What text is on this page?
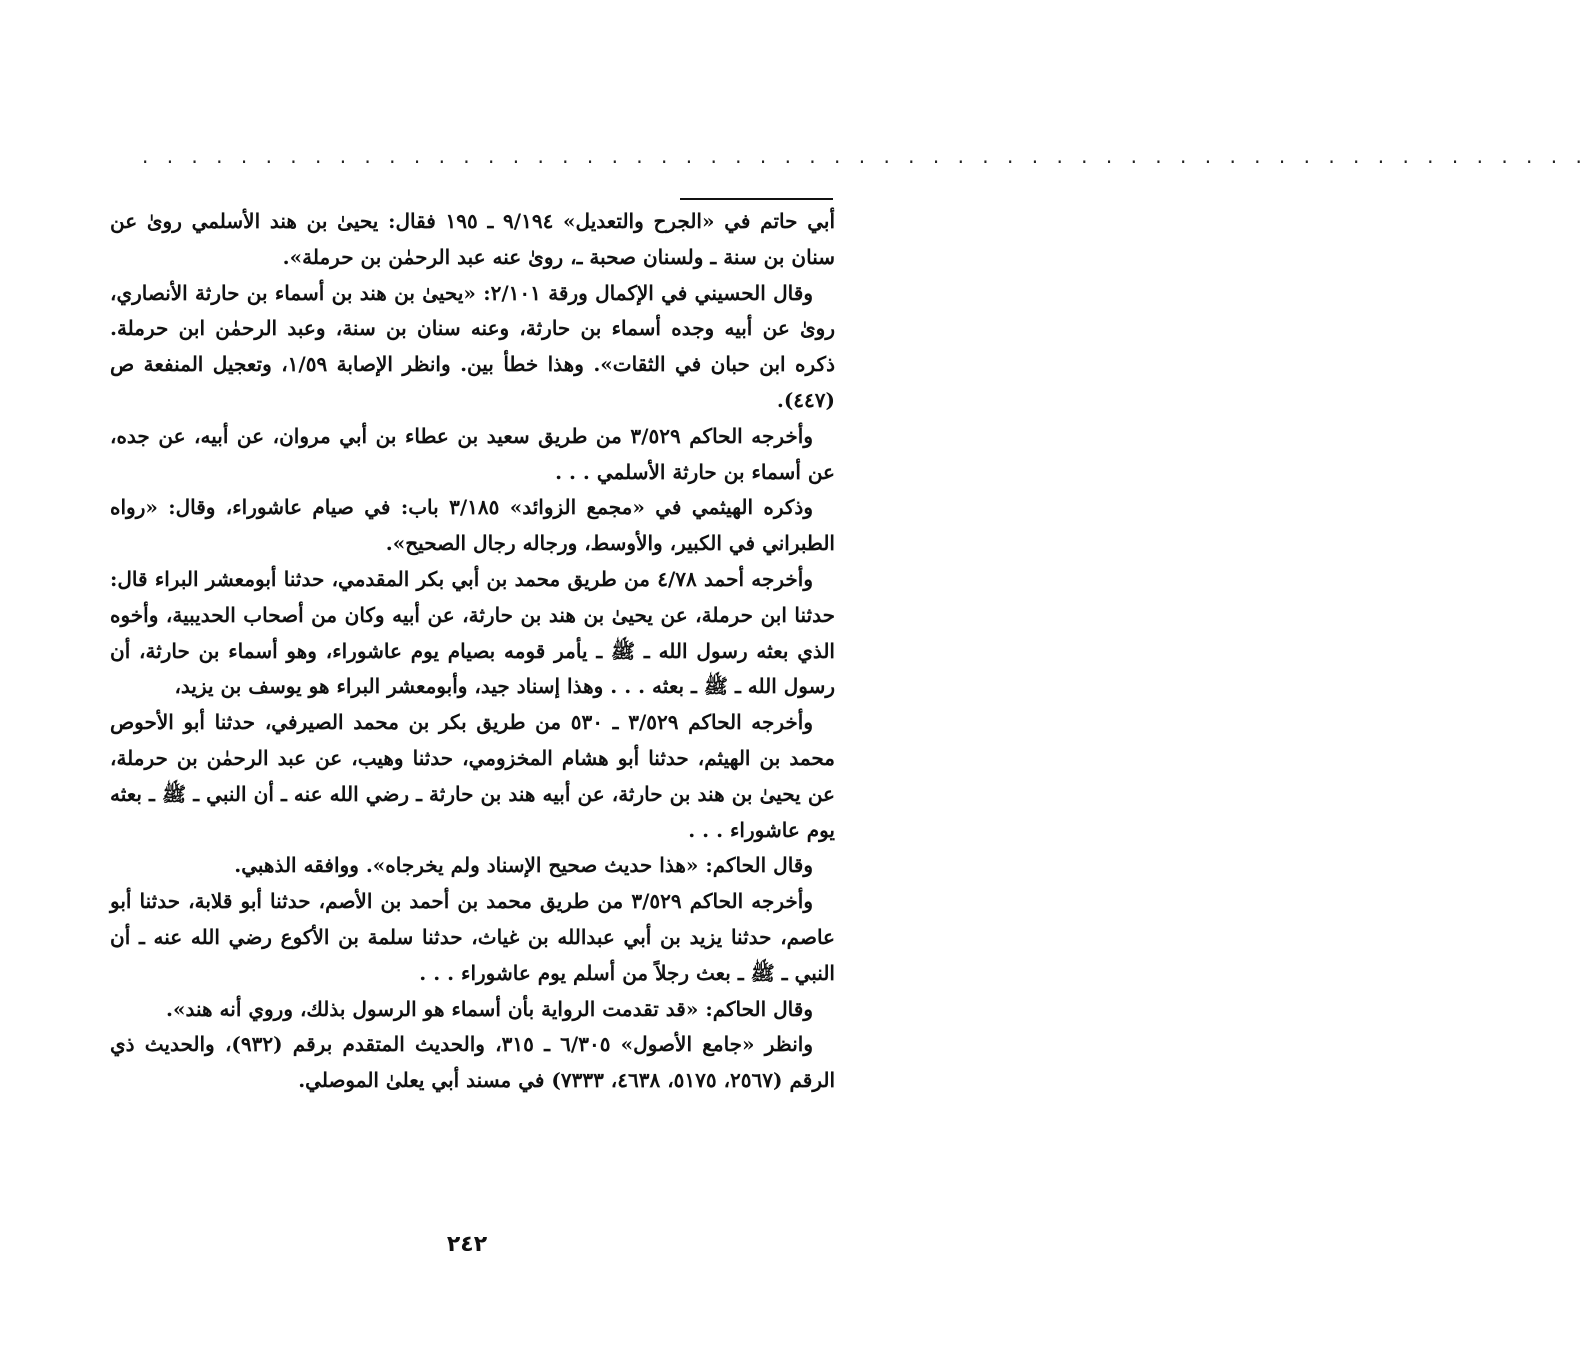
. . . . . . . . . . . . . . . . . . . . . . . . . . . . . . . . . . . . . . . . . . . . . . . . . . . . . . . . . . .

أبي حاتم في «الجرح والتعديل» ٩/١٩٤ ـ ١٩٥ فقال: يحيىٰ بن هند الأسلمي روىٰ عن سنان بن سنة ـ ولسنان صحبة ـ، روىٰ عنه عبد الرحمٰن بن حرملة».

وقال الحسيني في الإكمال ورقة ٢/١٠١: «يحيىٰ بن هند بن أسماء بن حارثة الأنصاري، روىٰ عن أبيه وجده أسماء بن حارثة، وعنه سنان بن سنة، وعبد الرحمٰن ابن حرملة. ذكره ابن حبان في الثقات». وهذا خطأ بين. وانظر الإصابة ١/٥٩، وتعجيل المنفعة ص (٤٤٧).

وأخرجه الحاكم ٣/٥٢٩ من طريق سعيد بن عطاء بن أبي مروان، عن أبيه، عن جده، عن أسماء بن حارثة الأسلمي . . .

وذكره الهيثمي في «مجمع الزوائد» ٣/١٨٥ باب: في صيام عاشوراء، وقال: «رواه الطبراني في الكبير، والأوسط، ورجاله رجال الصحيح».

وأخرجه أحمد ٤/٧٨ من طريق محمد بن أبي بكر المقدمي، حدثنا أبومعشر البراء قال: حدثنا ابن حرملة، عن يحيىٰ بن هند بن حارثة، عن أبيه وكان من أصحاب الحديبية، وأخوه الذي بعثه رسول الله ـ ﷺ ـ يأمر قومه بصيام يوم عاشوراء، وهو أسماء بن حارثة، أن رسول الله ـ ﷺ ـ بعثه . . . وهذا إسناد جيد، وأبومعشر البراء هو يوسف بن يزيد،

وأخرجه الحاكم ٣/٥٢٩ ـ ٥٣٠ من طريق بكر بن محمد الصيرفي، حدثنا أبو الأحوص محمد بن الهيثم، حدثنا أبو هشام المخزومي، حدثنا وهيب، عن عبد الرحمٰن بن حرملة، عن يحيىٰ بن هند بن حارثة، عن أبيه هند بن حارثة ـ رضي الله عنه ـ أن النبي ـ ﷺ ـ بعثه يوم عاشوراء . . .

وقال الحاكم: «هذا حديث صحيح الإسناد ولم يخرجاه». ووافقه الذهبي.

وأخرجه الحاكم ٣/٥٢٩ من طريق محمد بن أحمد بن الأصم، حدثنا أبو قلابة، حدثنا أبو عاصم، حدثنا يزيد بن أبي عبدالله بن غياث، حدثنا سلمة بن الأكوع رضي الله عنه ـ أن النبي ـ ﷺ ـ بعث رجلاً من أسلم يوم عاشوراء . . .

وقال الحاكم: «قد تقدمت الرواية بأن أسماء هو الرسول بذلك، وروي أنه هند».

وانظر «جامع الأصول» ٦/٣٠٥ ـ ٣١٥، والحديث المتقدم برقم (٩٣٢)، والحديث ذي الرقم (٢٥٦٧، ٥١٧٥، ٤٦٣٨، ٧٣٣٣) في مسند أبي يعلىٰ الموصلي.

٢٤٢
